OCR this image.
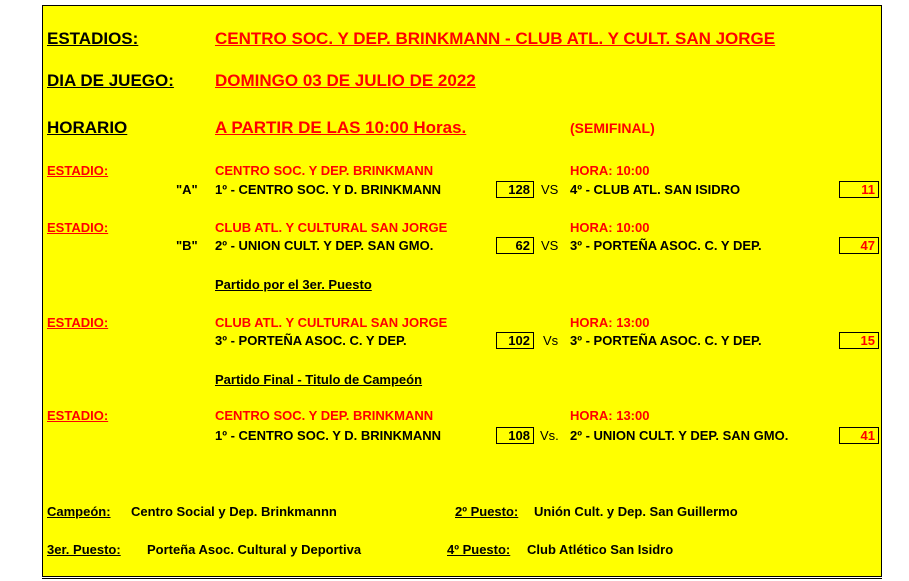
ESTADIOS:	CENTRO SOC. Y DEP. BRINKMANN - CLUB ATL. Y CULT. SAN JORGE
DIA DE JUEGO: DOMINGO 03 DE JULIO DE 2022
HORARIO	A PARTIR DE LAS 10:00 Horas.	(SEMIFINAL)
ESTADIO:	CENTRO SOC. Y DEP. BRINKMANN	HORA: 10:00
"A" 1º - CENTRO SOC. Y D. BRINKMANN	128 VS 4º - CLUB ATL. SAN ISIDRO	11
ESTADIO:	CLUB ATL. Y CULTURAL SAN JORGE	HORA: 10:00
"B" 2º - UNION CULT. Y DEP. SAN GMO.	62 VS 3º - PORTEÑA ASOC. C. Y DEP.	47
Partido por el 3er. Puesto
ESTADIO:	CLUB ATL. Y CULTURAL SAN JORGE	HORA: 13:00
3º - PORTEÑA ASOC. C. Y DEP.	102	Vs 3º - PORTEÑA ASOC. C. Y DEP.	15
Partido Final - Titulo de Campeón
ESTADIO:	CENTRO SOC. Y DEP. BRINKMANN	HORA: 13:00
1º - CENTRO SOC. Y D. BRINKMANN	108 Vs. 2º - UNION CULT. Y DEP. SAN GMO.	41
Campeón: Centro Social y Dep. Brinkmannn	2º Puesto: Unión Cult. y Dep. San Guillermo
3er. Puesto: Porteña Asoc. Cultural y Deportiva	4º Puesto: Club Atlético San Isidro
